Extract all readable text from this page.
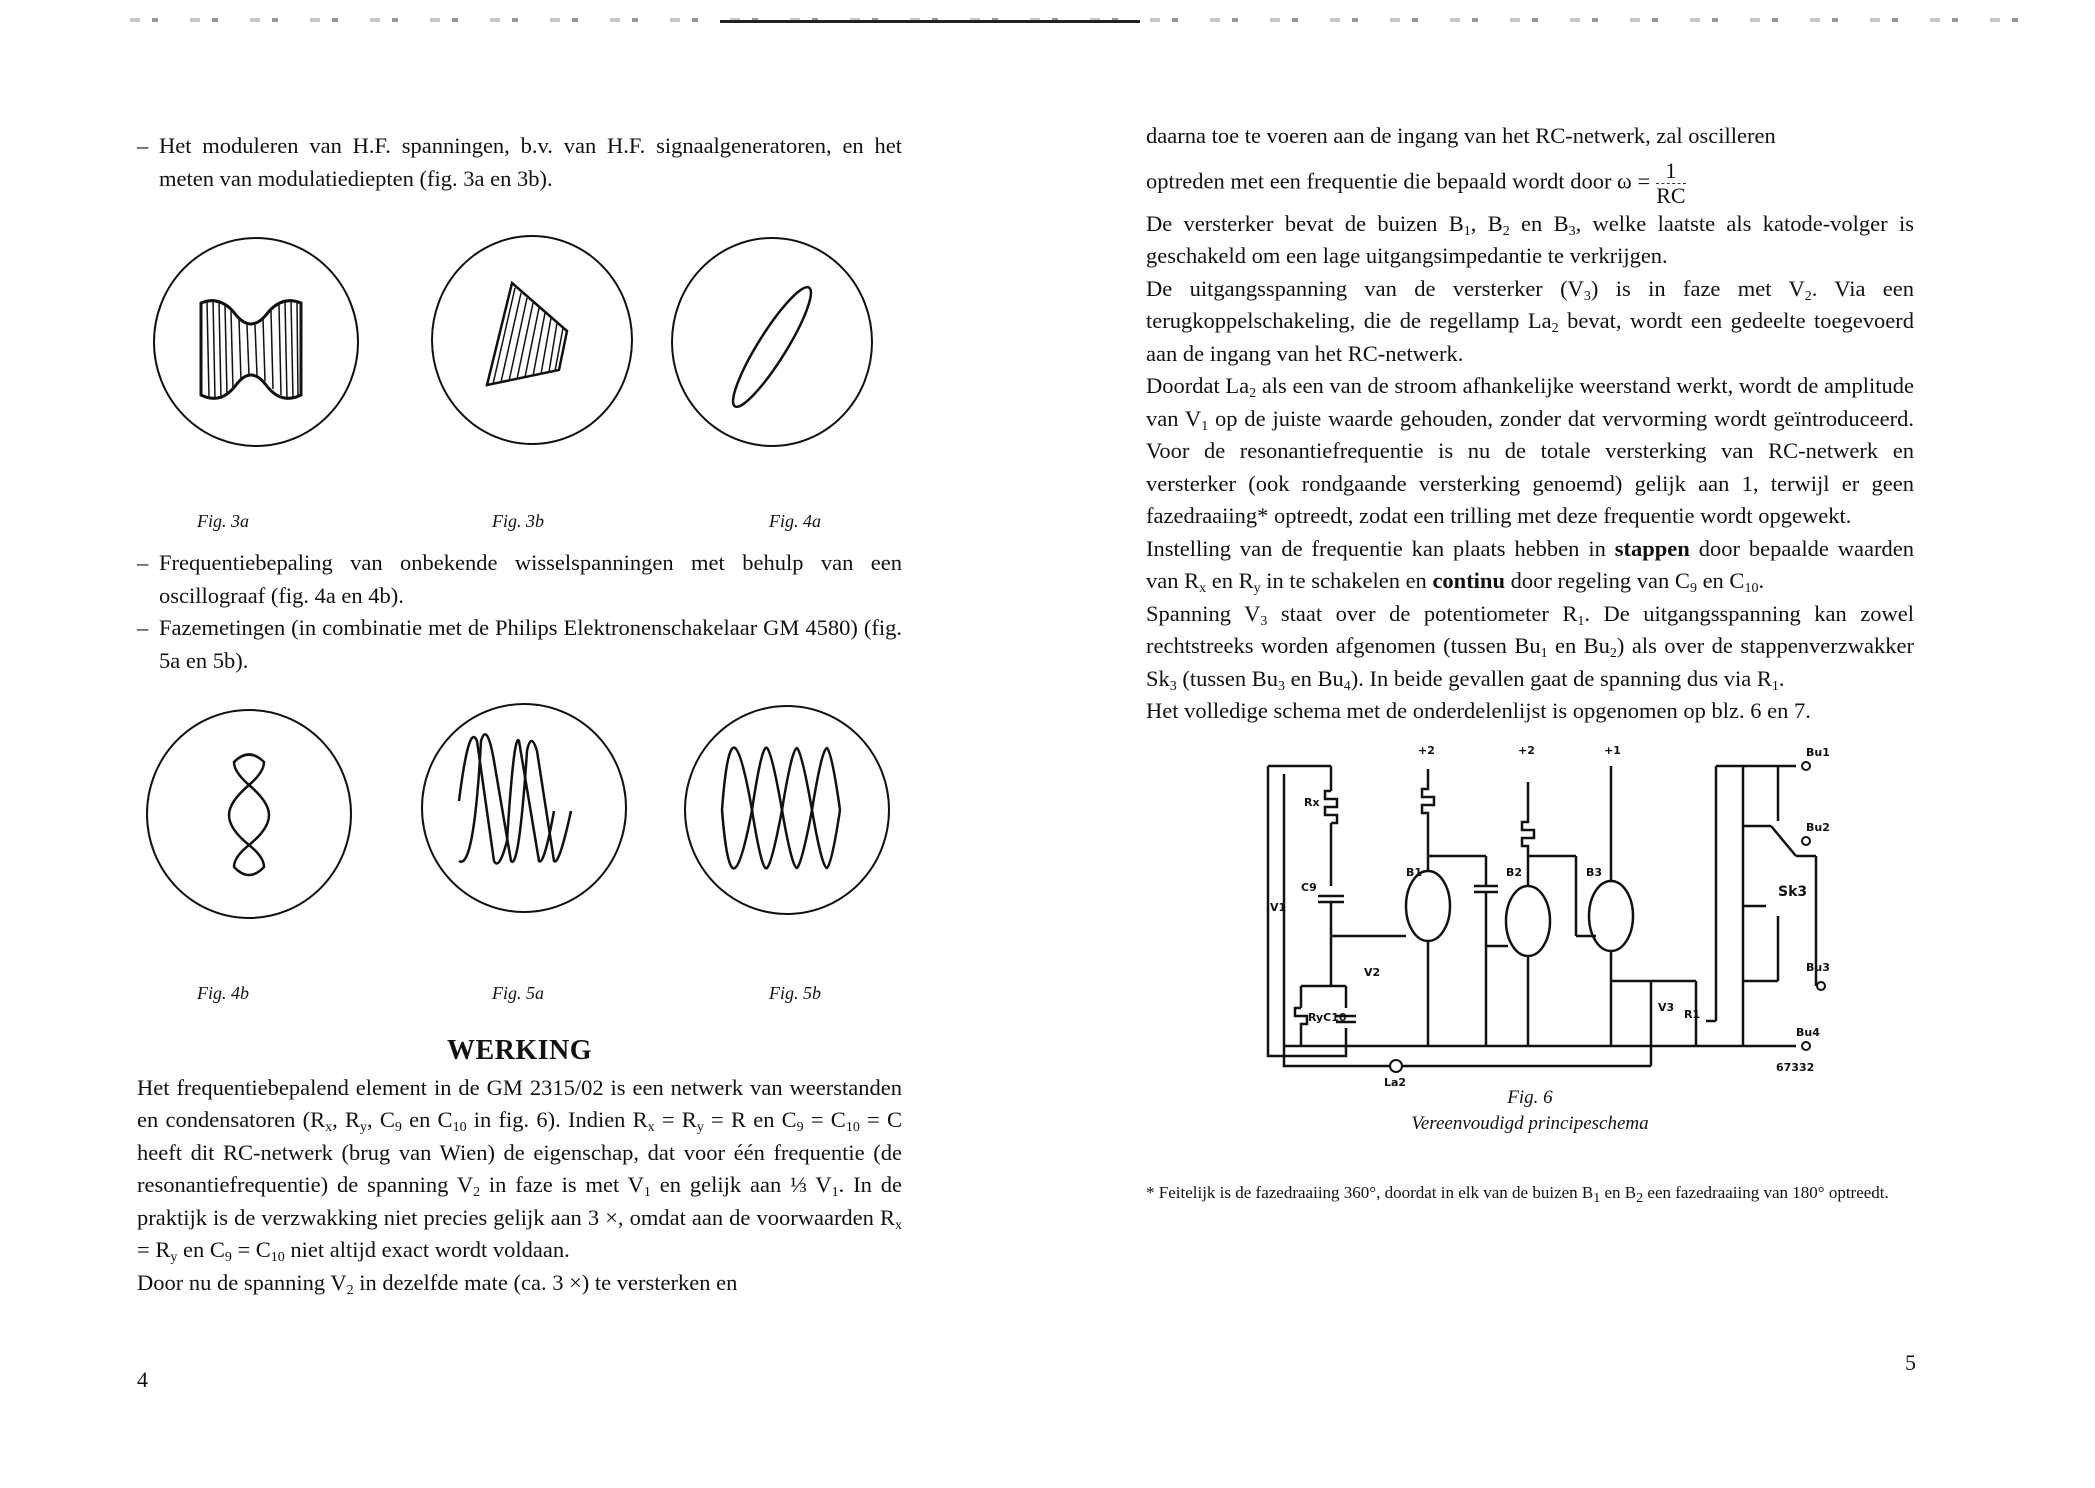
– Het moduleren van H.F. spanningen, b.v. van H.F. signaalgeneratoren, en het meten van modulatiediepten (fig. 3a en 3b).
Fig. 3a	Fig. 3b	Fig. 4a
– Frequentiebepaling van onbekende wisselspanningen met behulp van een oscillograaf (fig. 4a en 4b).
– Fazemetingen (in combinatie met de Philips Elektronenschakelaar GM 4580) (fig. 5a en 5b).
Fig. 4b	Fig. 5a	Fig. 5b
WERKING

Het frequentiebepalend element in de GM 2315/02 is een netwerk van weerstanden en condensatoren ($R_x$, $R_y$, $C_9$ en $C_{10}$ in fig. 6). Indien $R_x = R_y = R$ en $C_9 = C_{10} = C$ heeft dit RC-netwerk (brug van Wien) de eigenschap, dat voor één frequentie (de resonantiefrequentie) de spanning $V_2$ in faze is met $V_1$ en gelijk aan ⅓ $V_1$. In de praktijk is de verzwakking niet precies gelijk aan 3 ×, omdat aan de voorwaarden $R_x = R_y$ en $C_9 = C_{10}$ niet altijd exact wordt voldaan.

Door nu de spanning $V_2$ in dezelfde mate (ca. 3 ×) te versterken en

4

daarna toe te voeren aan de ingang van het RC-netwerk, zal oscilleren

optreden met een frequentie die bepaald wordt door $\omega = \frac{1}{RC}$

De versterker bevat de buizen $B_1$, $B_2$ en $B_3$, welke laatste als katode-volger is geschakeld om een lage uitgangsimpedantie te verkrijgen.

De uitgangsspanning van de versterker $(V_3)$ is in faze met $V_2$. Via een terugkoppelschakeling, die de regellamp $La_2$ bevat, wordt een gedeelte toegevoerd aan de ingang van het RC-netwerk.

Doordat $La_2$ als een van de stroom afhankelijke weerstand werkt, wordt de amplitude van $V_1$ op de juiste waarde gehouden, zonder dat vervorming wordt geïntroduceerd. Voor de resonantiefrequentie is nu de totale versterking van RC-netwerk en versterker (ook rondgaande versterking genoemd) gelijk aan 1, terwijl er geen fazedraaiing* optreedt, zodat een trilling met deze frequentie wordt opgewekt.

Instelling van de frequentie kan plaats hebben in stappen door bepaalde waarden van $R_x$ en $R_y$ in te schakelen en continu door regeling van $C_9$ en $C_{10}$.

Spanning $V_3$ staat over de potentiometer $R_1$. De uitgangsspanning kan zowel rechtstreeks worden afgenomen (tussen $Bu_1$ en $Bu_2$) als over de stappenverzwakker $Sk_3$ (tussen $Bu_3$ en $Bu_4$). In beide gevallen gaat de spanning dus via $R_1$.

Het volledige schema met de onderdelenlijst is opgenomen op blz. 6 en 7.

Rx
C9
V1
V2
RyC10
B1	B2	B3
La2
V3
R1
Sk3
Bu1
Bu2
Bu3
Bu4
+2	+2	+1
67332
Fig. 6
Vereenvoudigd principeschema
* Feitelijk is de fazedraaiing 360°, doordat in elk van de buizen $B_1$ en $B_2$ een fazedraaiing van 180° optreedt.
5
